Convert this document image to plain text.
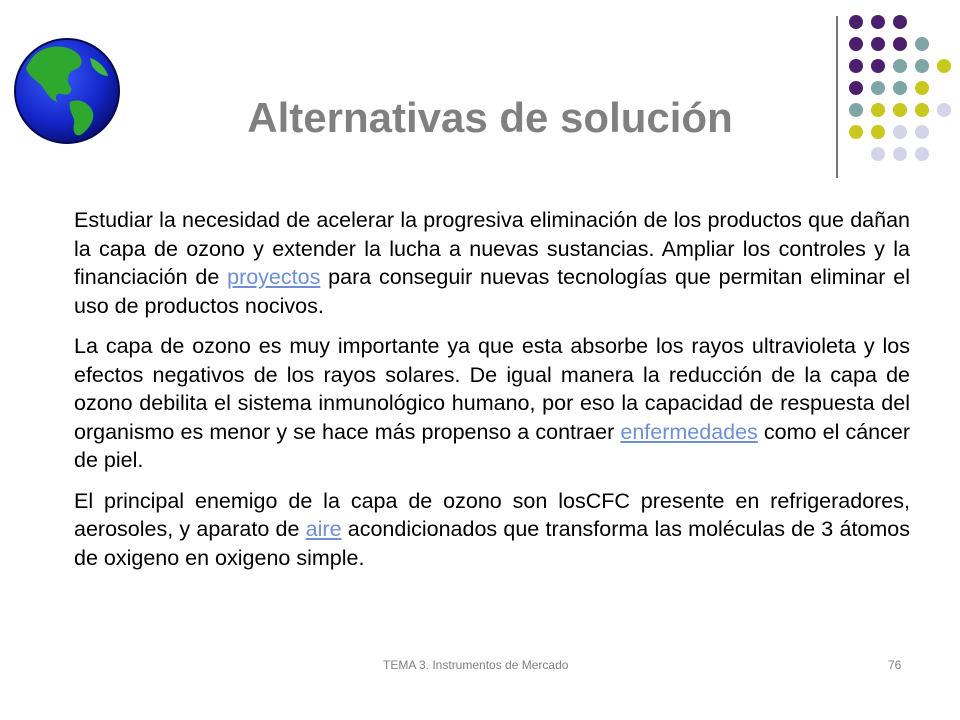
Alternativas de solución

Estudiar la necesidad de acelerar la progresiva eliminación de los productos que dañan la capa de ozono y extender la lucha a nuevas sustancias. Ampliar los controles y la financiación de proyectos para conseguir nuevas tecnologías que permitan eliminar el uso de productos nocivos.

La capa de ozono es muy importante ya que esta absorbe los rayos ultravioleta y los efectos negativos de los rayos solares. De igual manera la reducción de la capa de ozono debilita el sistema inmunológico humano, por eso la capacidad de respuesta del organismo es menor y se hace más propenso a contraer enfermedades como el cáncer de piel.

El principal enemigo de la capa de ozono son losCFC presente en refrigeradores, aerosoles, y aparato de aire acondicionados que transforma las moléculas de 3 átomos de oxigeno en oxigeno simple.

TEMA 3. Instrumentos de Mercado	76
